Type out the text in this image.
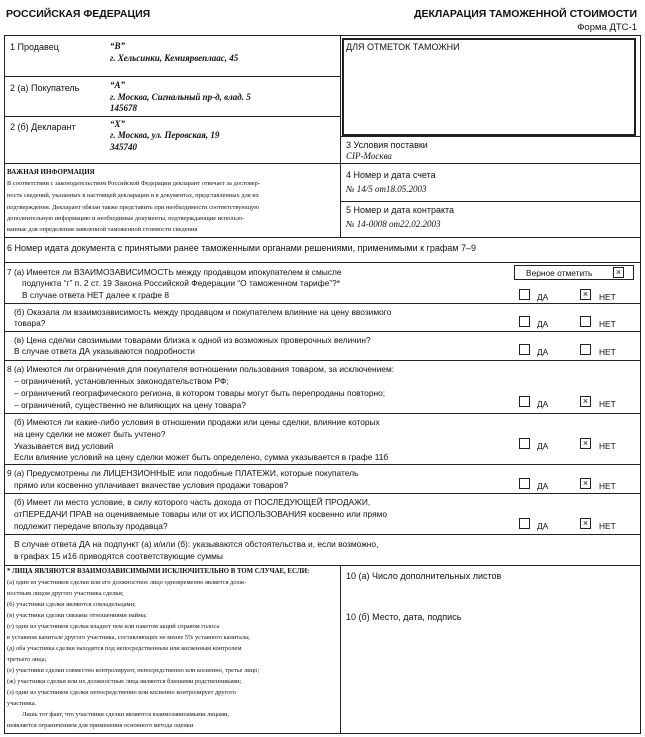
РОССИЙСКАЯ ФЕДЕРАЦИЯ	ДЕКЛАРАЦИЯ ТАМОЖЕННОЙ СТОИМОСТИ
Форма ДТС-1
1 Продавец	“В”
г. Хельсинки, Кемиярвеплаас, 45
2 (а) Покупатель	“А”
г. Москва, Сигнальный пр-д, влад. 5
145678
2 (б) Декларант	“Х”
г. Москва, ул. Перовская, 19
345740
ДЛЯ ОТМЕТОК ТАМОЖНИ
3 Условия поставки
CIP-Москва
4 Номер и дата счета
№ 14/5 от18.05.2003
5 Номер и дата контракта
№ 14-0008 от22.02.2003
ВАЖНАЯ ИНФОРМАЦИЯ
В соответствии с законодательством Российской Федерации декларант отвечает за достовер-
ность сведений, указанных в настоящей декларации и в документах, представленных для их
подтверждения. Декларант обязан также представить при необходимости соответствующую
дополнительную информацию и необходимые документы, подтверждающие использо-
ванные для определения заявленной таможенной стоимости сведения
6 Номер идата документа с принятыми ранее таможенными органами решениями, применимыми к графам 7–9
Верное отметить	×
7 (а) Имеется ли ВЗАИМОЗАВИСИМОСТЬ между продавцом ипокупателем в смысле
подпункта “г” п. 2 ст. 19 Закона Российской Федерации “О таможенном тарифе”?*
В случае ответа НЕТ далее к графе 8	ДА	×	НЕТ
(б) Оказала ли взаимозависимость между продавцом и покупателем влияние на цену ввозимого
товара?	ДА	НЕТ
(в) Цена сделки свозимыми товарами близка к одной из возможных проверочных величин?
В случае ответа ДА указываются подробности	ДА	НЕТ
8 (а) Имеются ли ограничения для покупателя вотношении пользования товаром, за исключением:
– ограничений, установленных законодательством РФ;
– ограничений географического региона, в котором товары могут быть перепроданы повторно;
– ограничений, существенно не влияющих на цену товара?	ДА	×	НЕТ
(б) Имеются ли какие-либо условия в отношении продажи или цены сделки, влияние которых
на цену сделки не может быть учтено?
Указывается вид условий
Если влияние условий на цену сделки может быть определено, сумма указывается в графе 11б
ДА	×	НЕТ
9 (а) Предусмотрены ли ЛИЦЕНЗИОННЫЕ или подобные ПЛАТЕЖИ, которые покупатель
прямо или косвенно уплачивает вкачестве условия продажи товаров?	ДА	×	НЕТ
(б) Имеет ли место условие, в силу которого часть дохода от ПОСЛЕДУЮЩЕЙ ПРОДАЖИ,
отПЕРЕДАЧИ ПРАВ на оцениваемые товары или от их ИСПОЛЬЗОВАНИЯ косвенно или прямо
подлежит передаче впользу продавца?	ДА	×	НЕТ
В случае ответа ДА на подпункт (а) и/или (б): указываются обстоятельства и, если возможно,
в графах 15 и16 приводятся соответствующие суммы
* ЛИЦА ЯВЛЯЮТСЯ ВЗАИМОЗАВИСИМЫМИ ИСКЛЮЧИТЕЛЬНО В ТОМ СЛУЧАЕ, ЕСЛИ:
(а) один из участников сделки или его должностное лицо одновременно является долж-
ностным лицом другого участника сделки;
(б) участники сделки являются совладельцами;
(в) участники сделки связаны отношениями найма;
(г) один из участников сделки владеет пем или пакетом акций справом голоса
в уставном капитале другого участника, составляющих не менее 5% уставного капитала;
(д) оба участника сделки находятся под непосредственным или косвенным контролем
третьего лица;
(е) участники сделки совместно контролируют, непосредственно или косвенно, третье лицо;
(ж) участники сделки или их должностные лица являются близкими родственниками;
(з) один из участников сделки непосредственно или косвенно контролирует другого
участника.
Лишь тот факт, что участники сделки являются взаимозависимыми лицами,
неявляется ограничением для применения основного метода оценки
10 (а) Число дополнительных листов
10 (б) Место, дата, подпись
